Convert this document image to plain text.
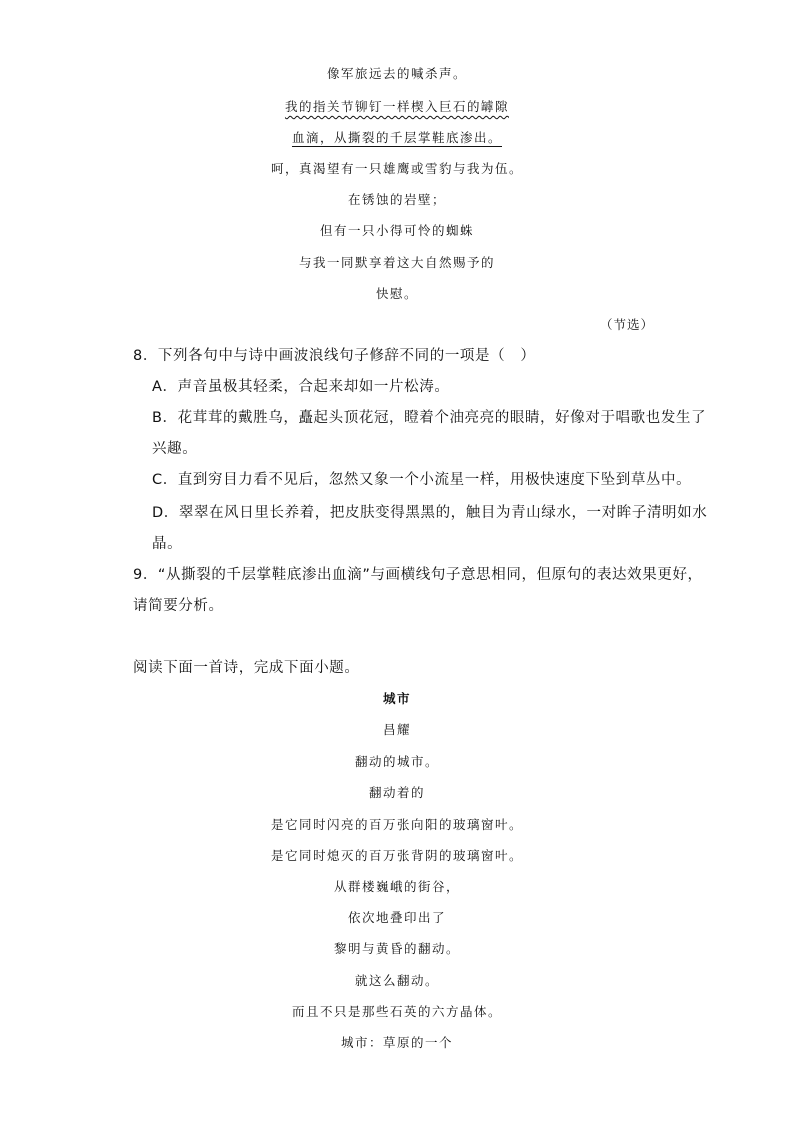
像军旅远去的喊杀声。
我的指关节铆钉一样楔入巨石的罅隙
血滴，从撕裂的千层掌鞋底渗出。
呵，真渴望有一只雄鹰或雪豹与我为伍。
在锈蚀的岩壁；
但有一只小得可怜的蜘蛛
与我一同默享着这大自然赐予的
快慰。
（节选）
8．下列各句中与诗中画波浪线句子修辞不同的一项是（　）
A．声音虽极其轻柔，合起来却如一片松涛。
B．花茸茸的戴胜乌，矗起头顶花冠，瞪着个油亮亮的眼睛，好像对于唱歌也发生了
兴趣。
C．直到穷目力看不见后，忽然又象一个小流星一样，用极快速度下坠到草丛中。
D．翠翠在风日里长养着，把皮肤变得黑黑的，触目为青山绿水，一对眸子清明如水
晶。
9．“从撕裂的千层掌鞋底渗出血滴”与画横线句子意思相同，但原句的表达效果更好，
请简要分析。
阅读下面一首诗，完成下面小题。
城市
昌耀
翻动的城市。
翻动着的
是它同时闪亮的百万张向阳的玻璃窗叶。
是它同时熄灭的百万张背阴的玻璃窗叶。
从群楼巍峨的街谷，
依次地叠印出了
黎明与黄昏的翻动。
就这么翻动。
而且不只是那些石英的六方晶体。
城市：草原的一个
